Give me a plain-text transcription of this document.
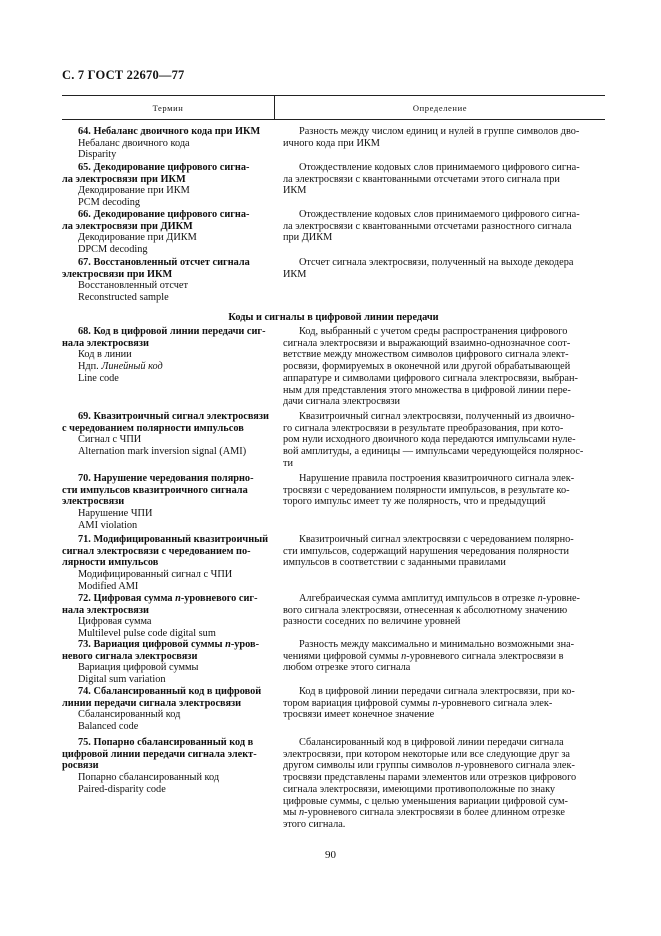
С. 7 ГОСТ 22670—77
Термин	Определение
Коды и сигналы в цифровой линии передачи
64. Небаланс двоичного кода при ИКМ
Небаланс двоичного кода
Disparity
Разность между числом единиц и нулей в группе символов дво-
ичного кода при ИКМ
65. Декодирование цифрового сигна-
ла электросвязи при ИКМ
Декодирование при ИКМ
PCM decoding
Отождествление кодовых слов принимаемого цифрового сигна-
ла электросвязи с квантованными отсчетами этого сигнала при
ИКМ
66. Декодирование цифрового сигна-
ла электросвязи при ДИКМ
Декодирование при ДИКМ
DPCM decoding
Отождествление кодовых слов принимаемого цифрового сигна-
ла электросвязи с квантованными отсчетами разностного сигнала
при ДИКМ
67. Восстановленный отсчет сигнала
электросвязи при ИКМ
Восстановленный отсчет
Reconstructed sample
Отсчет сигнала электросвязи, полученный на выходе декодера
ИКМ
68. Код в цифровой линии передачи сиг-
нала электросвязи
Код в линии
Ндп. Линейный код
Line code
Код, выбранный с учетом среды распространения цифрового
сигнала электросвязи и выражающий взаимно-однозначное соот-
ветствие между множеством символов цифрового сигнала элект-
росвязи, формируемых в оконечной или другой обрабатывающей
аппаратуре и символами цифрового сигнала электросвязи, выбран-
ным для представления этого множества в цифровой линии пере-
дачи сигнала электросвязи
69. Квазитроичный сигнал электросвязи
с чередованием полярности импульсов
Сигнал с ЧПИ
Alternation mark inversion signal (AMI)
Квазитроичный сигнал электросвязи, полученный из двоично-
го сигнала электросвязи в результате преобразования, при кото-
ром нули исходного двоичного кода передаются импульсами нуле-
вой амплитуды, а единицы — импульсами чередующейся полярнос-
ти
70. Нарушение чередования полярно-
сти импульсов квазитроичного сигнала
электросвязи
Нарушение ЧПИ
AMI violation
Нарушение правила построения квазитроичного сигнала элек-
тросвязи с чередованием полярности импульсов, в результате ко-
торого импульс имеет ту же полярность, что и предыдущий
71. Модифицированный квазитроичный
сигнал электросвязи с чередованием по-
лярности импульсов
Модифицированный сигнал с ЧПИ
Modified AMI
Квазитроичный сигнал электросвязи с чередованием полярно-
сти импульсов, содержащий нарушения чередования полярности
импульсов в соответствии с заданными правилами
72. Цифровая сумма n-уровневого сиг-
нала электросвязи
Цифровая сумма
Multilevel pulse code digital sum
Алгебраическая сумма амплитуд импульсов в отрезке n-уровне-
вого сигнала электросвязи, отнесенная к абсолютному значению
разности соседних по величине уровней
73. Вариация цифровой суммы n-уров-
невого сигнала электросвязи
Вариация цифровой суммы
Digital sum variation
Разность между максимально и минимально возможными зна-
чениями цифровой суммы n-уровневого сигнала электросвязи в
любом отрезке этого сигнала
74. Сбалансированный код в цифровой
линии передачи сигнала электросвязи
Сбалансированный код
Balanced code
Код в цифровой линии передачи сигнала электросвязи, при ко-
тором вариация цифровой суммы n-уровневого сигнала элек-
тросвязи имеет конечное значение
75. Попарно сбалансированный код в
цифровой линии передачи сигнала элект-
росвязи
Попарно сбалансированный код
Paired-disparity code
Сбалансированный код в цифровой линии передачи сигнала
электросвязи, при котором некоторые или все следующие друг за
другом символы или группы символов n-уровневого сигнала элек-
тросвязи представлены парами элементов или отрезков цифрового
сигнала электросвязи, имеющими противоположные по знаку
цифровые суммы, с целью уменьшения вариации цифровой сум-
мы n-уровневого сигнала электросвязи в более длинном отрезке
этого сигнала.
90
